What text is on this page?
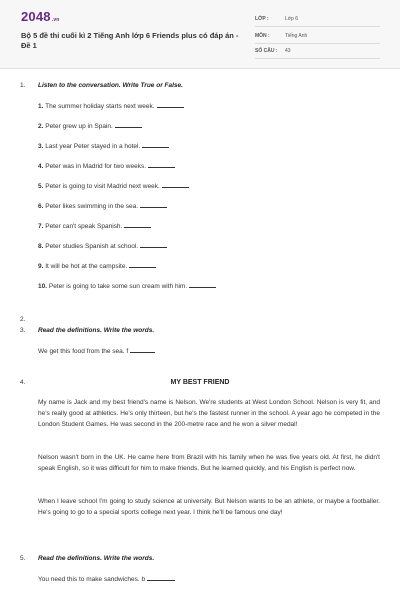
2048.vn
Bộ 5 đề thi cuối kì 2 Tiếng Anh lớp 6 Friends plus có đáp án - Đề 1
LỚP :	Lớp 6
MÔN :	Tiếng Anh
SỐ CÂU : 43
1. Listen to the conversation. Write True or False.
1. The summer holiday starts next week.
2. Peter grew up in Spain.
3. Last year Peter stayed in a hotel.
4. Peter was in Madrid for two weeks.
5. Peter is going to visit Madrid next week.
6. Peter likes swimming in the sea.
7. Peter can't speak Spanish.
8. Peter studies Spanish at school.
9. It will be hot at the campsite.
10. Peter is going to take some sun cream with him.
2.
3. Read the definitions. Write the words.
We get this food from the sea. f
4.	MY BEST FRIEND
My name is Jack and my best friend's name is Nelson. We're students at West London School. Nelson is very fit, and he's really good at athletics. He's only thirteen, but he's the fastest runner in the school. A year ago he competed in the London Student Games. He was second in the 200-metre race and he won a silver medal!
Nelson wasn't born in the UK. He came here from Brazil with his family when he was five years old. At first, he didn't speak English, so it was difficult for him to make friends. But he learned quickly, and his English is perfect now.
When I leave school I'm going to study science at university. But Nelson wants to be an athlete, or maybe a footballer. He's going to go to a special sports college next year. I think he'll be famous one day!
5. Read the definitions. Write the words.
You need this to make sandwiches. b
